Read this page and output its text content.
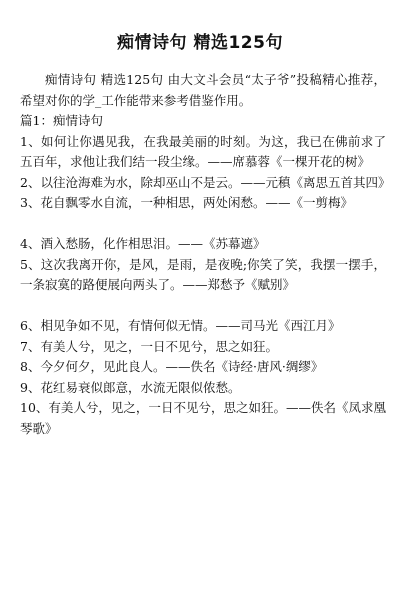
痴情诗句 精选125句

痴情诗句 精选125句 由大文斗会员“太子爷”投稿精心推荐，希望对你的学_工作能带来参考借鉴作用。

篇1：痴情诗句

1、如何让你遇见我，在我最美丽的时刻。为这，我已在佛前求了五百年，求他让我们结一段尘缘。——席慕蓉《一棵开花的树》

2、以往沧海难为水，除却巫山不是云。——元稹《离思五首其四》

3、花自飘零水自流，一种相思，两处闲愁。——《一剪梅》

4、酒入愁肠，化作相思泪。——《苏幕遮》

5、这次我离开你，是风，是雨，是夜晚;你笑了笑，我摆一摆手，一条寂寞的路便展向两头了。——郑愁予《赋别》

6、相见争如不见，有情何似无情。——司马光《西江月》

7、有美人兮，见之，一日不见兮，思之如狂。

8、今夕何夕，见此良人。——佚名《诗经·唐风·绸缪》

9、花红易衰似郎意，水流无限似侬愁。

10、有美人兮，见之，一日不见兮，思之如狂。——佚名《凤求凰琴歌》
